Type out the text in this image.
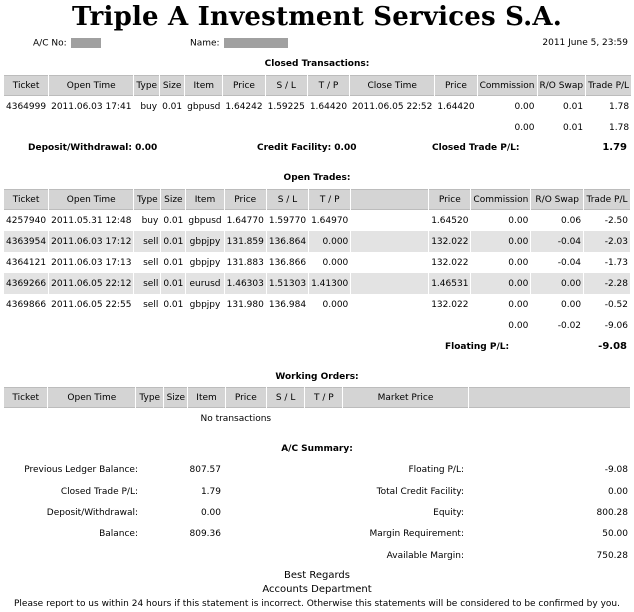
Triple A Investment Services S.A.
A/C No:	Name:	2011 June 5, 23:59
Closed Transactions:
Ticket	Open Time	Type	Size	Item	Price	S / L	T / P	Close Time	Price	Commission	R/O Swap	Trade P/L
4364999	2011.06.03 17:41	buy	0.01	gbpusd	1.64242	1.59225	1.64420	2011.06.05 22:52	1.64420	0.00	0.01	1.78
										0.00	0.01	1.78
Deposit/Withdrawal: 0.00	Credit Facility: 0.00	Closed Trade P/L:	1.79
Open Trades:
Ticket	Open Time	Type	Size	Item	Price	S / L	T / P		Price	Commission	R/O Swap	Trade P/L
4257940	2011.05.31 12:48	buy	0.01	gbpusd	1.64770	1.59770	1.64970		1.64520	0.00	0.06	-2.50
4363954	2011.06.03 17:12	sell	0.01	gbpjpy	131.859	136.864	0.000		132.022	0.00	-0.04	-2.03
4364121	2011.06.03 17:13	sell	0.01	gbpjpy	131.883	136.866	0.000		132.022	0.00	-0.04	-1.73
4369266	2011.06.05 22:12	sell	0.01	eurusd	1.46303	1.51303	1.41300		1.46531	0.00	0.00	-2.28
4369866	2011.06.05 22:55	sell	0.01	gbpjpy	131.980	136.984	0.000		132.022	0.00	0.00	-0.52
										0.00	-0.02	-9.06
Floating P/L:	-9.08
Working Orders:
Ticket	Open Time	Type	Size	Item	Price	S / L	T / P	Market Price	
No transactions									
A/C Summary:
Previous Ledger Balance:	807.57
Closed Trade P/L:	1.79
Deposit/Withdrawal:	0.00
Balance:	809.36
Floating P/L:	-9.08
Total Credit Facility:	0.00
Equity:	800.28
Margin Requirement:	50.00
Available Margin:	750.28
Best Regards
Accounts Department
Please report to us within 24 hours if this statement is incorrect. Otherwise this statements will be considered to be confirmed by you.
